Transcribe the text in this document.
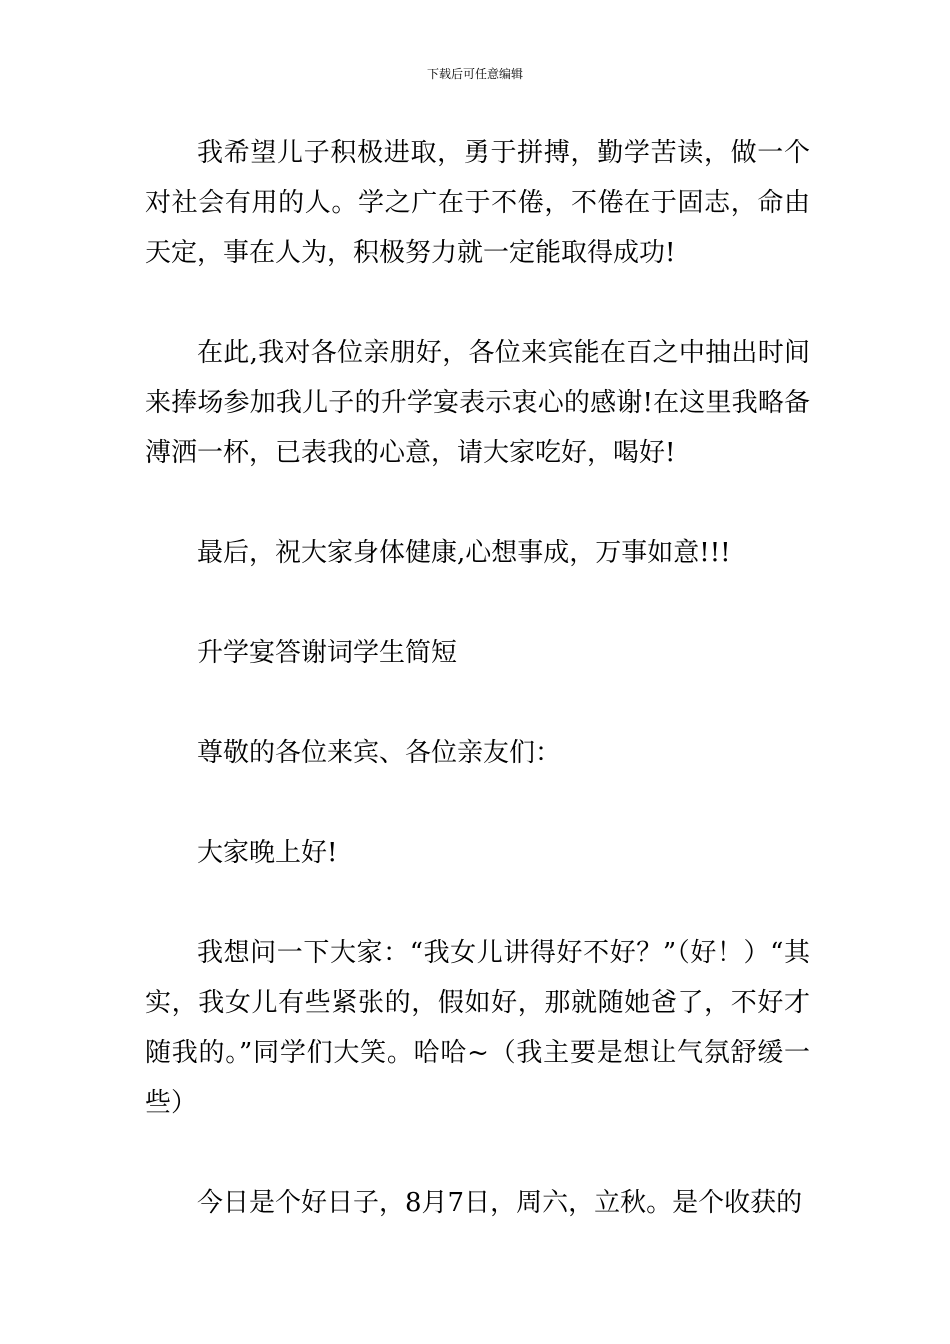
下载后可任意编辑

我希望儿子积极进取，勇于拼搏，勤学苦读，做一个对社会有用的人。学之广在于不倦，不倦在于固志，命由天定，事在人为，积极努力就一定能取得成功!

在此,我对各位亲朋好，各位来宾能在百之中抽出时间来捧场参加我儿子的升学宴表示衷心的感谢!在这里我略备溥洒一杯，已表我的心意，请大家吃好，喝好!

最后，祝大家身体健康,心想事成，万事如意!!!

升学宴答谢词学生简短

尊敬的各位来宾、各位亲友们：

大家晚上好!

我想问一下大家：“我女儿讲得好不好？”（好！）“其实，我女儿有些紧张的，假如好，那就随她爸了，不好才随我的。”同学们大笑。哈哈~（我主要是想让气氛舒缓一些）

今日是个好日子，8月7日，周六，立秋。是个收获的
